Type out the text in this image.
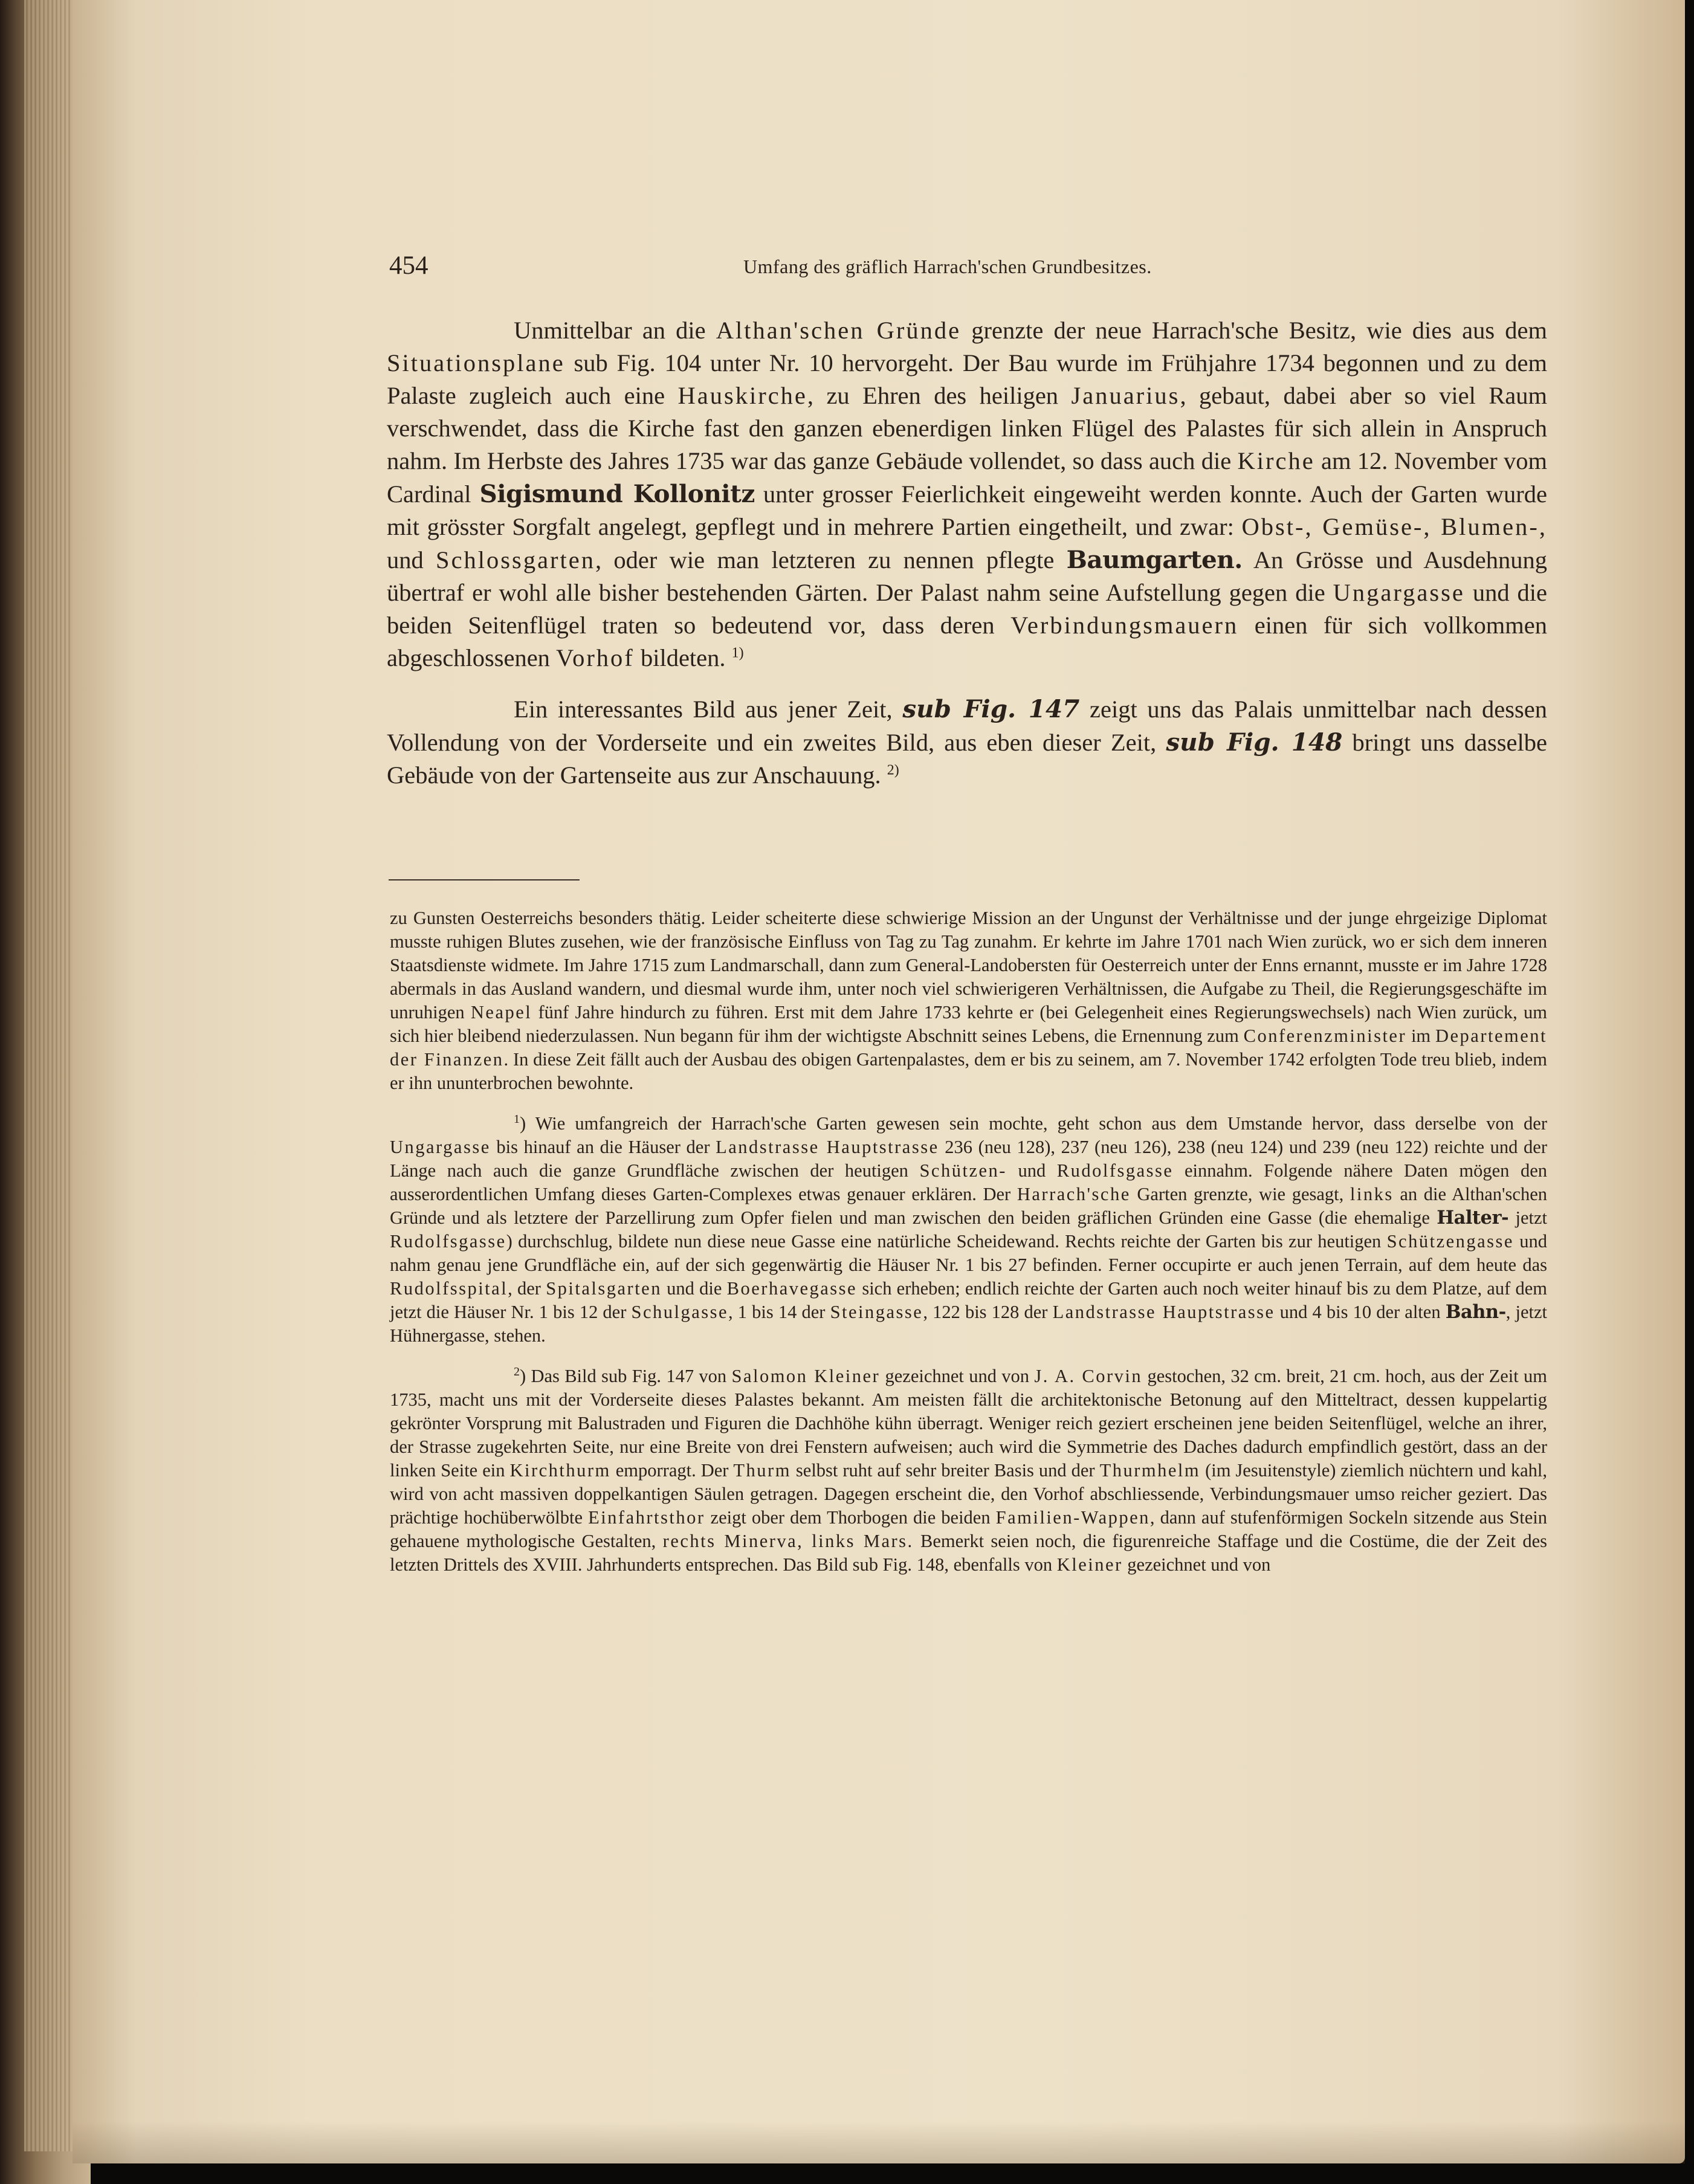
454	Umfang des gräflich Harrach'schen Grundbesitzes.

Unmittelbar an die Althan'schen Gründe grenzte der neue Harrach'sche Besitz, wie dies aus dem Situationsplane sub Fig. 104 unter Nr. 10 hervorgeht. Der Bau wurde im Frühjahre 1734 begonnen und zu dem Palaste zugleich auch eine Hauskirche, zu Ehren des heiligen Januarius, gebaut, dabei aber so viel Raum verschwendet, dass die Kirche fast den ganzen ebenerdigen linken Flügel des Palastes für sich allein in Anspruch nahm. Im Herbste des Jahres 1735 war das ganze Gebäude vollendet, so dass auch die Kirche am 12. November vom Cardinal Sigismund Kollonitz unter grosser Feierlichkeit eingeweiht werden konnte. Auch der Garten wurde mit grösster Sorgfalt angelegt, gepflegt und in mehrere Partien eingetheilt, und zwar: Obst-, Gemüse-, Blumen-, und Schlossgarten, oder wie man letzteren zu nennen pflegte Baumgarten. An Grösse und Ausdehnung übertraf er wohl alle bisher bestehenden Gärten. Der Palast nahm seine Aufstellung gegen die Ungargasse und die beiden Seitenflügel traten so bedeutend vor, dass deren Verbindungsmauern einen für sich vollkommen abgeschlossenen Vorhof bildeten. $^{1)}$

Ein interessantes Bild aus jener Zeit, sub Fig. 147 zeigt uns das Palais unmittelbar nach dessen Vollendung von der Vorderseite und ein zweites Bild, aus eben dieser Zeit, sub Fig. 148 bringt uns dasselbe Gebäude von der Gartenseite aus zur Anschauung. $^{2)}$

zu Gunsten Oesterreichs besonders thätig. Leider scheiterte diese schwierige Mission an der Ungunst der Verhältnisse und der junge ehrgeizige Diplomat musste ruhigen Blutes zusehen, wie der französische Einfluss von Tag zu Tag zunahm. Er kehrte im Jahre 1701 nach Wien zurück, wo er sich dem inneren Staatsdienste widmete. Im Jahre 1715 zum Landmarschall, dann zum General-Landobersten für Oesterreich unter der Enns ernannt, musste er im Jahre 1728 abermals in das Ausland wandern, und diesmal wurde ihm, unter noch viel schwierigeren Verhältnissen, die Aufgabe zu Theil, die Regierungsgeschäfte im unruhigen Neapel fünf Jahre hindurch zu führen. Erst mit dem Jahre 1733 kehrte er (bei Gelegenheit eines Regierungswechsels) nach Wien zurück, um sich hier bleibend niederzulassen. Nun begann für ihm der wichtigste Abschnitt seines Lebens, die Ernennung zum Conferenzminister im Departement der Finanzen. In diese Zeit fällt auch der Ausbau des obigen Gartenpalastes, dem er bis zu seinem, am 7. November 1742 erfolgten Tode treu blieb, indem er ihn ununterbrochen bewohnte.

$^1$) Wie umfangreich der Harrach'sche Garten gewesen sein mochte, geht schon aus dem Umstande hervor, dass derselbe von der Ungargasse bis hinauf an die Häuser der Landstrasse Hauptstrasse 236 (neu 128), 237 (neu 126), 238 (neu 124) und 239 (neu 122) reichte und der Länge nach auch die ganze Grundfläche zwischen der heutigen Schützen- und Rudolfsgasse einnahm. Folgende nähere Daten mögen den ausserordentlichen Umfang dieses Garten-Complexes etwas genauer erklären. Der Harrach'sche Garten grenzte, wie gesagt, links an die Althan'schen Gründe und als letztere der Parzellirung zum Opfer fielen und man zwischen den beiden gräflichen Gründen eine Gasse (die ehemalige Halter- jetzt Rudolfsgasse) durchschlug, bildete nun diese neue Gasse eine natürliche Scheidewand. Rechts reichte der Garten bis zur heutigen Schützengasse und nahm genau jene Grundfläche ein, auf der sich gegenwärtig die Häuser Nr. 1 bis 27 befinden. Ferner occupirte er auch jenen Terrain, auf dem heute das Rudolfsspital, der Spitalsgarten und die Boerhavegasse sich erheben; endlich reichte der Garten auch noch weiter hinauf bis zu dem Platze, auf dem jetzt die Häuser Nr. 1 bis 12 der Schulgasse, 1 bis 14 der Steingasse, 122 bis 128 der Landstrasse Hauptstrasse und 4 bis 10 der alten Bahn-, jetzt Hühnergasse, stehen.

$^2$) Das Bild sub Fig. 147 von Salomon Kleiner gezeichnet und von J. A. Corvin gestochen, 32 cm. breit, 21 cm. hoch, aus der Zeit um 1735, macht uns mit der Vorderseite dieses Palastes bekannt. Am meisten fällt die architektonische Betonung auf den Mitteltract, dessen kuppelartig gekrönter Vorsprung mit Balustraden und Figuren die Dachhöhe kühn überragt. Weniger reich geziert erscheinen jene beiden Seitenflügel, welche an ihrer, der Strasse zugekehrten Seite, nur eine Breite von drei Fenstern aufweisen; auch wird die Symmetrie des Daches dadurch empfindlich gestört, dass an der linken Seite ein Kirchthurm emporragt. Der Thurm selbst ruht auf sehr breiter Basis und der Thurmhelm (im Jesuitenstyle) ziemlich nüchtern und kahl, wird von acht massiven doppelkantigen Säulen getragen. Dagegen erscheint die, den Vorhof abschliessende, Verbindungsmauer umso reicher geziert. Das prächtige hochüberwölbte Einfahrtsthor zeigt ober dem Thorbogen die beiden Familien-Wappen, dann auf stufenförmigen Sockeln sitzende aus Stein gehauene mythologische Gestalten, rechts Minerva, links Mars. Bemerkt seien noch, die figurenreiche Staffage und die Costüme, die der Zeit des letzten Drittels des XVIII. Jahrhunderts entsprechen. Das Bild sub Fig. 148, ebenfalls von Kleiner gezeichnet und von
